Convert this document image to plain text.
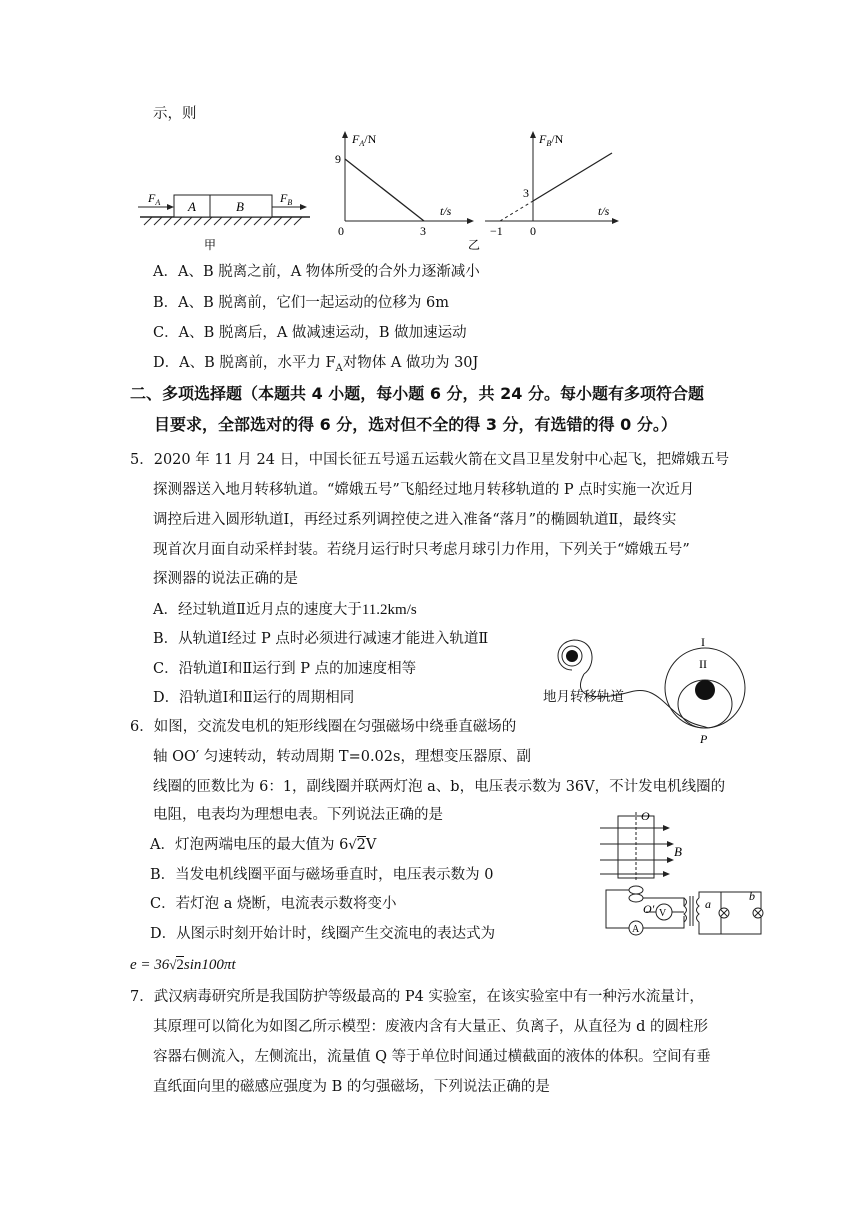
示，则
A	B
$F_A$	$F_B$
甲
$F_A/N$
9
0	3
t/s
$F_B/N$
3
−1 0
t/s
乙
A．A、B 脱离之前，A 物体所受的合外力逐渐减小
B．A、B 脱离前，它们一起运动的位移为 6m
C．A、B 脱离后，A 做减速运动，B 做加速运动
D．A、B 脱离前，水平力 $F_A$对物体 A 做功为 30J
二、多项选择题（本题共 4 小题，每小题 6 分，共 24 分。每小题有多项符合题
目要求，全部选对的得 6 分，选对但不全的得 3 分，有选错的得 0 分。）
5．2020 年 11 月 24 日，中国长征五号遥五运载火箭在文昌卫星发射中心起飞，把嫦娥五号
探测器送入地月转移轨道。“嫦娥五号”飞船经过地月转移轨道的 P 点时实施一次近月
调控后进入圆形轨道Ⅰ，再经过系列调控使之进入准备“落月”的椭圆轨道Ⅱ，最终实
现首次月面自动采样封装。若绕月运行时只考虑月球引力作用，下列关于“嫦娥五号”
探测器的说法正确的是
A．经过轨道Ⅱ近月点的速度大于11.2km/s
B．从轨道Ⅰ经过 P 点时必须进行减速才能进入轨道Ⅱ
C．沿轨道Ⅰ和Ⅱ运行到 P 点的加速度相等
D．沿轨道Ⅰ和Ⅱ运行的周期相同
I
II
P
地月转移轨道
6．如图，交流发电机的矩形线圈在匀强磁场中绕垂直磁场的
轴 OO′ 匀速转动，转动周期 T=0.02s，理想变压器原、副
线圈的匝数比为 6：1，副线圈并联两灯泡 a、b，电压表示数为 36V，不计发电机线圈的
电阻，电表均为理想电表。下列说法正确的是
A．灯泡两端电压的最大值为 6√2V
B．当发电机线圈平面与磁场垂直时，电压表示数为 0
C．若灯泡 a 烧断，电流表示数将变小
D．从图示时刻开始计时，线圈产生交流电的表达式为
e = 36√2sin100πt
O
B
O′ V
A
a
b
7．武汉病毒研究所是我国防护等级最高的 P4 实验室，在该实验室中有一种污水流量计，
其原理可以简化为如图乙所示模型：废液内含有大量正、负离子，从直径为 d 的圆柱形
容器右侧流入，左侧流出，流量值 Q 等于单位时间通过横截面的液体的体积。空间有垂
直纸面向里的磁感应强度为 B 的匀强磁场，下列说法正确的是
